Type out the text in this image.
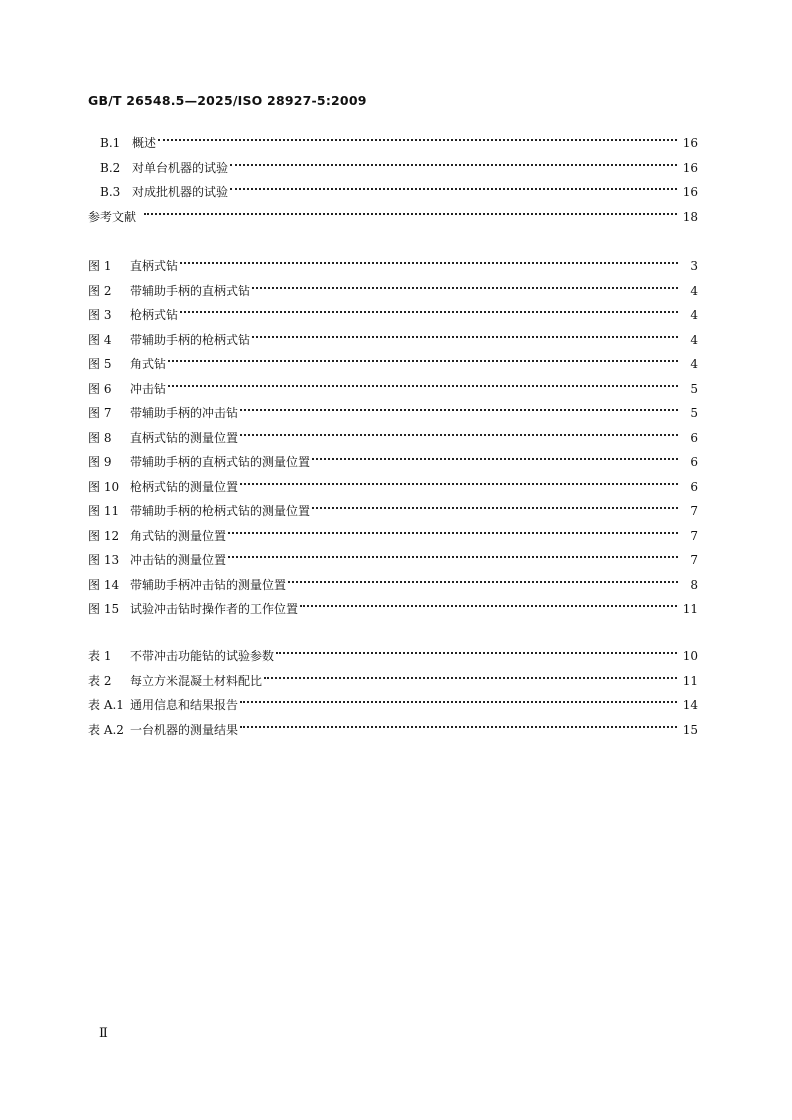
GB/T 26548.5—2025/ISO 28927-5:2009
B.1 概述	16
B.2 对单台机器的试验	16
B.3 对成批机器的试验	16
参考文献	18
图 1	直柄式钻	3
图 2	带辅助手柄的直柄式钻	4
图 3	枪柄式钻	4
图 4	带辅助手柄的枪柄式钻	4
图 5	角式钻	4
图 6	冲击钻	5
图 7	带辅助手柄的冲击钻	5
图 8	直柄式钻的测量位置	6
图 9	带辅助手柄的直柄式钻的测量位置	6
图 10 枪柄式钻的测量位置	6
图 11 带辅助手柄的枪柄式钻的测量位置	7
图 12 角式钻的测量位置	7
图 13 冲击钻的测量位置	7
图 14 带辅助手柄冲击钻的测量位置	8
图 15 试验冲击钻时操作者的工作位置	11
表 1	不带冲击功能钻的试验参数	10
表 2	每立方米混凝土材料配比	11
表 A.1 通用信息和结果报告	14
表 A.2 一台机器的测量结果	15
Ⅱ
